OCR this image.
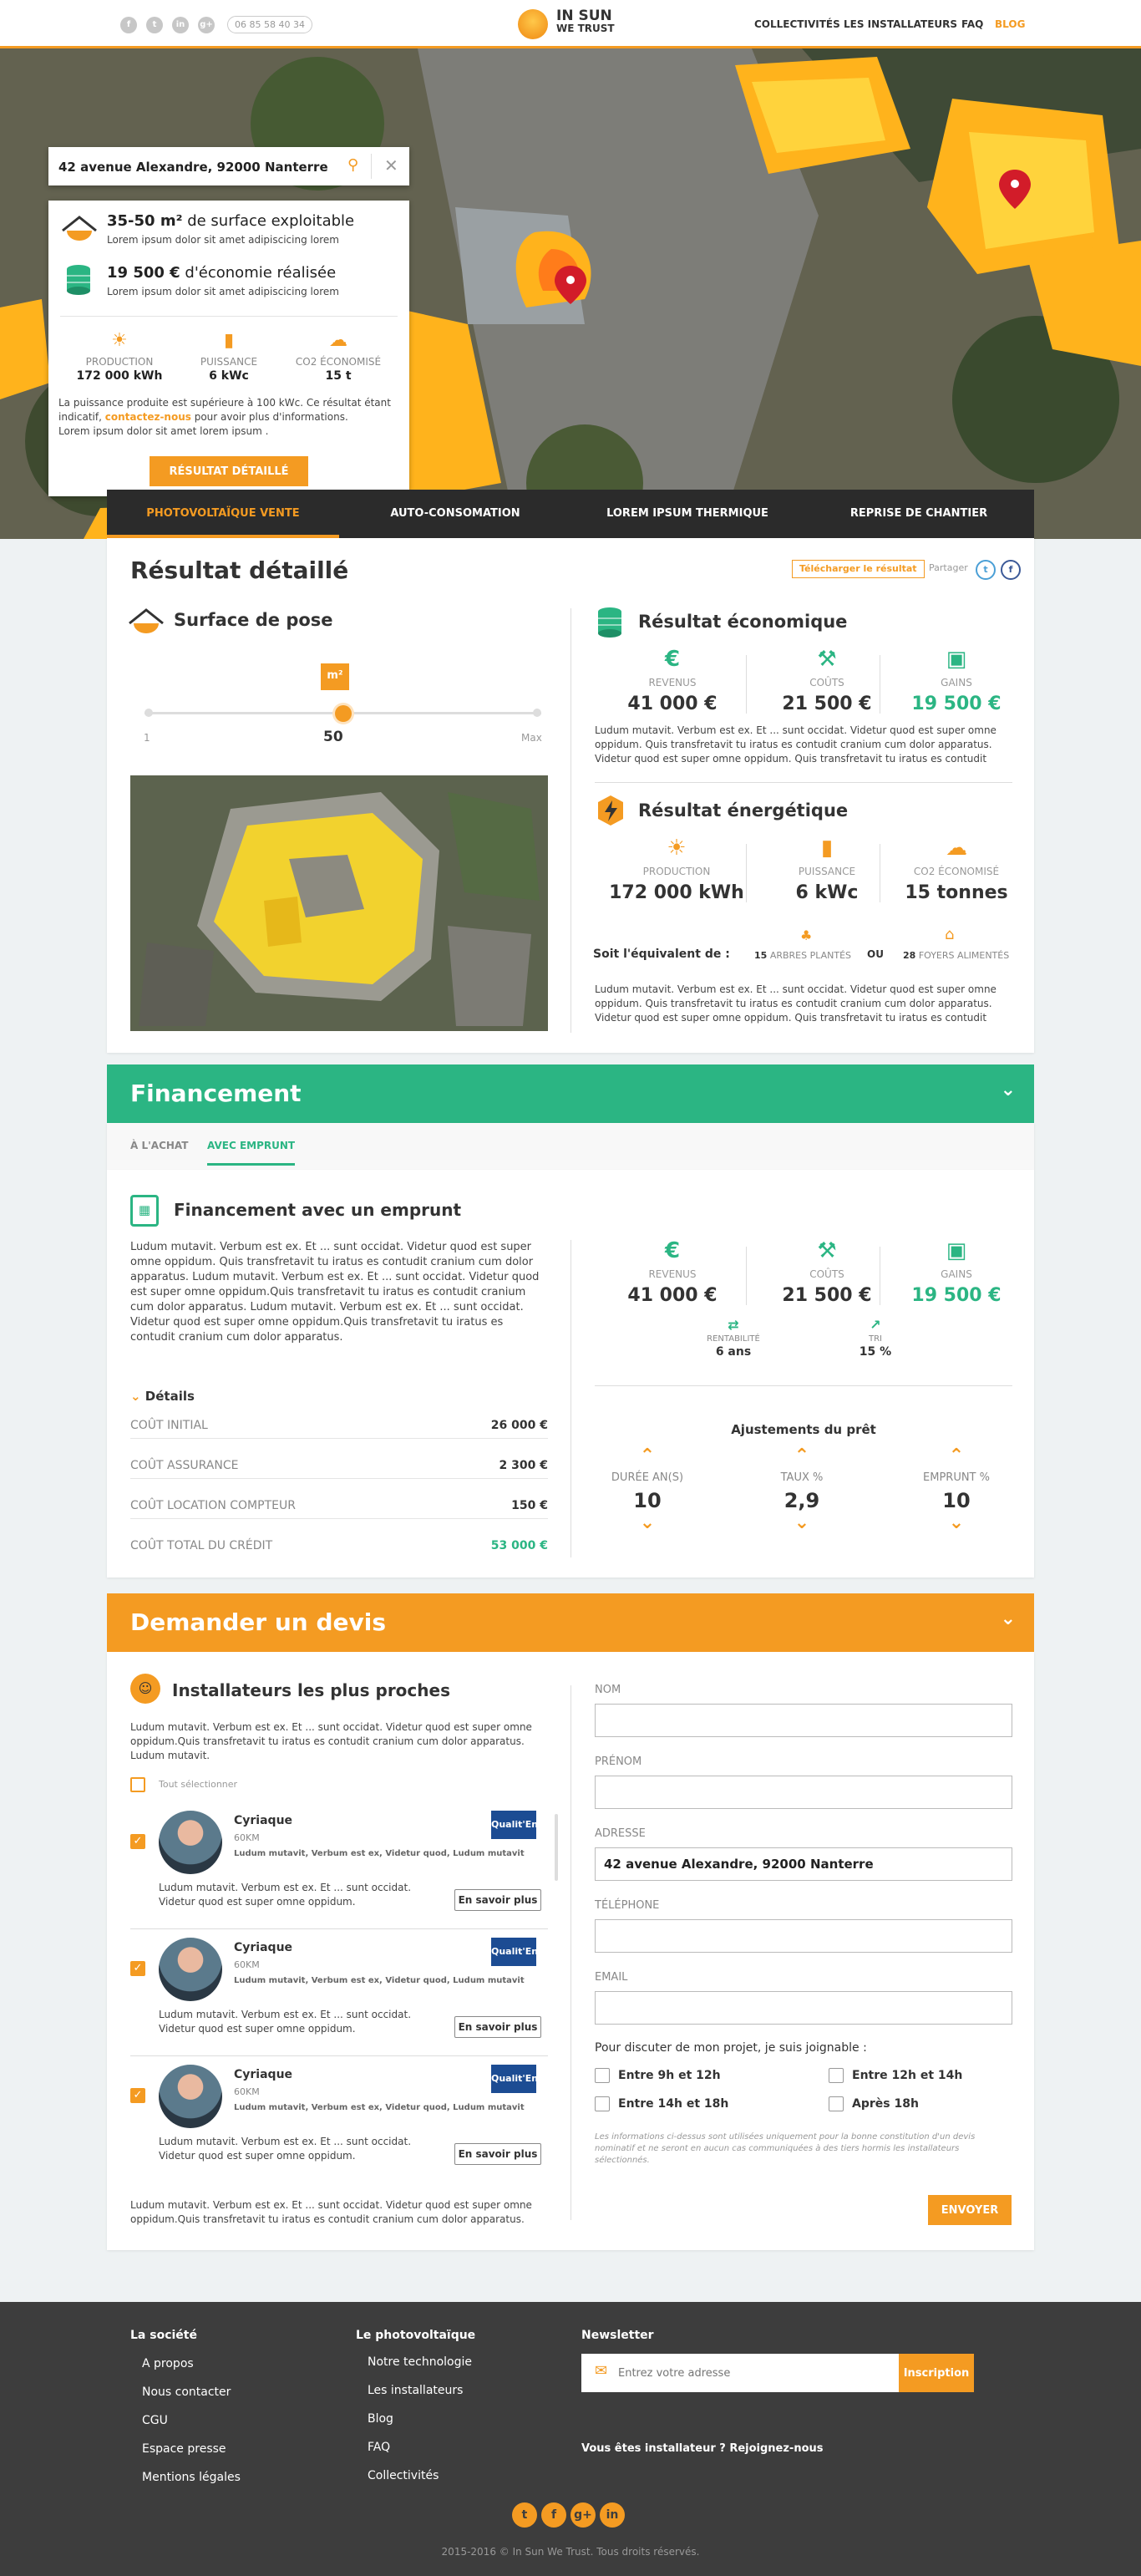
f	t	in	g+	06 85 58 40 34
IN SUN
WE TRUST	COLLECTIVITÉS LES INSTALLATEURS FAQ BLOG
42 avenue Alexandre, 92000 Nanterre
⚲ ✕
35-50 m² de surface exploitable
Lorem ipsum dolor sit amet adipiscicing lorem
19 500 € d'économie réalisée
Lorem ipsum dolor sit amet adipiscicing lorem
☀
PRODUCTION
172 000 kWh
▮
PUISSANCE
6 kWc
☁
CO2 ÉCONOMISÉ
15 t
La puissance produite est supérieure à 100 kWc. Ce résultat étant indicatif, contactez-nous pour avoir plus d'informations.
Lorem ipsum dolor sit amet lorem ipsum .
RÉSULTAT DÉTAILLÉ
PHOTOVOLTAÏQUE VENTE	AUTO-CONSOMATION	LOREM IPSUM THERMIQUE	REPRISE DE CHANTIER
Résultat détaillé	Télécharger le résultat	Partager	t	f
Surface de pose
m²
1	50	Max
Résultat économique
€
REVENUS
41 000 €
⚒
COÛTS
21 500 €
▣
GAINS
19 500 €
Ludum mutavit. Verbum est ex. Et ... sunt occidat. Videtur quod est super omne oppidum. Quis transfretavit tu iratus es contudit cranium cum dolor apparatus. Videtur quod est super omne oppidum. Quis transfretavit tu iratus es contudit
Résultat énergétique
☀
PRODUCTION
172 000 kWh
▮
PUISSANCE
6 kWc
☁
CO2 ÉCONOMISÉ
15 tonnes
Soit l'équivalent de :
♣
15 ARBRES PLANTÉS OU
⌂
28 FOYERS ALIMENTÉS
Ludum mutavit. Verbum est ex. Et ... sunt occidat. Videtur quod est super omne oppidum. Quis transfretavit tu iratus es contudit cranium cum dolor apparatus. Videtur quod est super omne oppidum. Quis transfretavit tu iratus es contudit
Financement	⌄
À L'ACHAT AVEC EMPRUNT
▦	Financement avec un emprunt
Ludum mutavit. Verbum est ex. Et ... sunt occidat. Videtur quod est super omne oppidum. Quis transfretavit tu iratus es contudit cranium cum dolor apparatus. Ludum mutavit. Verbum est ex. Et ... sunt occidat. Videtur quod est super omne oppidum.Quis transfretavit tu iratus es contudit cranium cum dolor apparatus. Ludum mutavit. Verbum est ex. Et ... sunt occidat. Videtur quod est super omne oppidum.Quis transfretavit tu iratus es contudit cranium cum dolor apparatus.
⌄ Détails
COÛT INITIAL	26 000 €
COÛT ASSURANCE	2 300 €
COÛT LOCATION COMPTEUR	150 €
COÛT TOTAL DU CRÉDIT	53 000 €
€
REVENUS
41 000 €
⚒
COÛTS
21 500 €
▣
GAINS
19 500 €
⇄
RENTABILITÉ
6 ans
↗
TRI
15 %
Ajustements du prêt
⌃
DURÉE AN(S)
10
⌄
⌃
TAUX %
2,9
⌄
⌃
EMPRUNT %
10
⌄
Demander un devis	⌄
☺	Installateurs les plus proches
Ludum mutavit. Verbum est ex. Et ... sunt occidat. Videtur quod est super omne oppidum.Quis transfretavit tu iratus es contudit cranium cum dolor apparatus. Ludum mutavit.
Tout sélectionner
✓
Cyriaque
60KM
Ludum mutavit, Verbum est ex, Videtur quod, Ludum mutavit
Qualit'EnR
Ludum mutavit. Verbum est ex. Et ... sunt occidat. Videtur quod est super omne oppidum.	En savoir plus
✓
Cyriaque
60KM
Ludum mutavit, Verbum est ex, Videtur quod, Ludum mutavit
Qualit'EnR
Ludum mutavit. Verbum est ex. Et ... sunt occidat. Videtur quod est super omne oppidum.	En savoir plus
✓
Cyriaque
60KM
Ludum mutavit, Verbum est ex, Videtur quod, Ludum mutavit
Qualit'EnR
Ludum mutavit. Verbum est ex. Et ... sunt occidat. Videtur quod est super omne oppidum.	En savoir plus
Ludum mutavit. Verbum est ex. Et ... sunt occidat. Videtur quod est super omne oppidum.Quis transfretavit tu iratus es contudit cranium cum dolor apparatus.
NOM
PRÉNOM
ADRESSE
42 avenue Alexandre, 92000 Nanterre
TÉLÉPHONE
EMAIL
Pour discuter de mon projet, je suis joignable :
Entre 9h et 12h	Entre 12h et 14h
Entre 14h et 18h	Après 18h
Les informations ci-dessus sont utilisées uniquement pour la bonne constitution d'un devis nominatif et ne seront en aucun cas communiquées à des tiers hormis les installateurs sélectionnés.
ENVOYER
La société
A propos
Nous contacter
CGU
Espace presse
Mentions légales
Le photovoltaïque
Notre technologie
Les installateurs
Blog
FAQ
Collectivités
Newsletter
✉
Entrez votre adresse	Inscription
Vous êtes installateur ? Rejoignez-nous
t	f	g+	in
2015-2016 © In Sun We Trust. Tous droits réservés.
